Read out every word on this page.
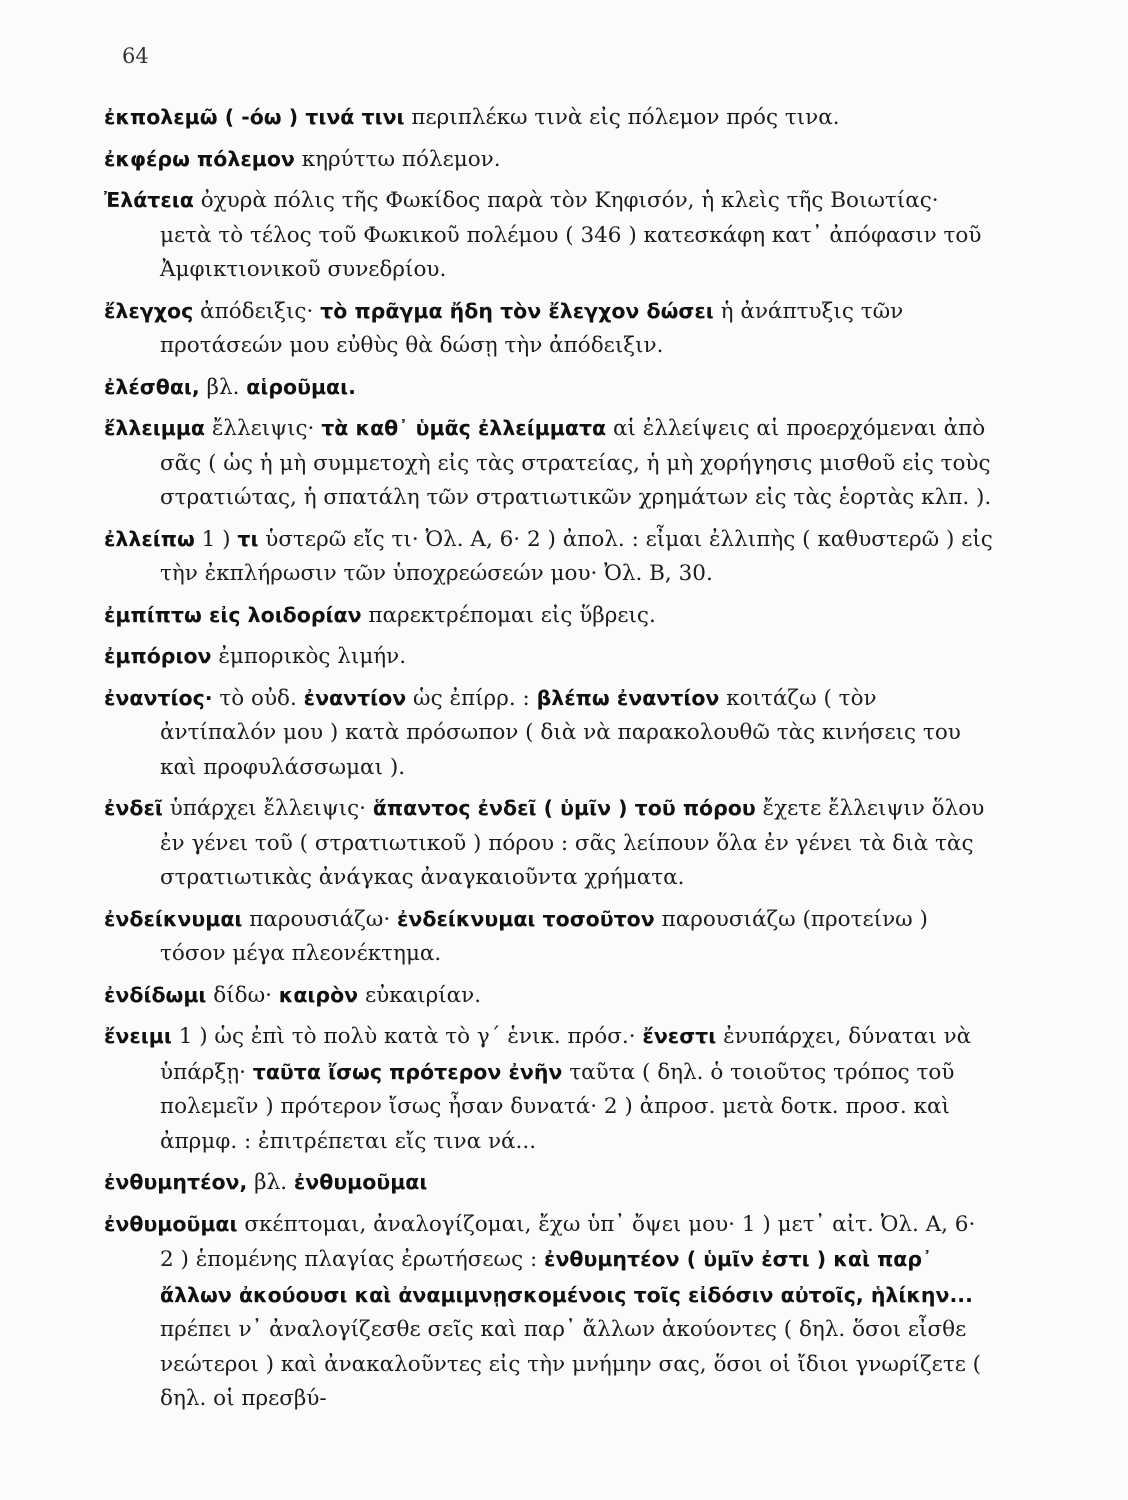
64

ἐκπολεμῶ ( -όω ) τινά τινι περιπλέκω τινὰ εἰς πόλεμον πρός τινα.

ἐκφέρω πόλεμον κηρύττω πόλεμον.

Ἐλάτεια ὀχυρὰ πόλις τῆς Φωκίδος παρὰ τὸν Κηφισόν, ἡ κλεὶς τῆς Βοιωτίας· μετὰ τὸ τέλος τοῦ Φωκικοῦ πολέμου ( 346 ) κατεσκάφη κατ᾽ ἀπόφασιν τοῦ Ἀμφικτιονικοῦ συνεδρίου.

ἔλεγχος ἀπόδειξις· τὸ πρᾶγμα ἤδη τὸν ἔλεγχον δώσει ἡ ἀνάπτυξις τῶν προτάσεών μου εὐθὺς θὰ δώσῃ τὴν ἀπόδειξιν.

ἐλέσθαι, βλ. αἱροῦμαι.

ἔλλειμμα ἔλλειψις· τὰ καθ᾽ ὑμᾶς ἐλλείμματα αἱ ἐλλείψεις αἱ προερχόμεναι ἀπὸ σᾶς ( ὡς ἡ μὴ συμμετοχὴ εἰς τὰς στρατείας, ἡ μὴ χορήγησις μισθοῦ εἰς τοὺς στρατιώτας, ἡ σπατάλη τῶν στρατιωτικῶν χρημάτων εἰς τὰς ἑορτὰς κλπ. ).

ἐλλείπω 1 ) τι ὑστερῶ εἴς τι· Ὀλ. Α, 6· 2 ) ἀπολ. : εἶμαι ἐλλιπὴς ( καθυστερῶ ) εἰς τὴν ἐκπλήρωσιν τῶν ὑποχρεώσεών μου· Ὀλ. Β, 30.

ἐμπίπτω εἰς λοιδορίαν παρεκτρέπομαι εἰς ὕβρεις.

ἐμπόριον ἐμπορικὸς λιμήν.

ἐναντίος· τὸ οὐδ. ἐναντίον ὡς ἐπίρρ. : βλέπω ἐναντίον κοιτάζω ( τὸν ἀντίπαλόν μου ) κατὰ πρόσωπον ( διὰ νὰ παρακολουθῶ τὰς κινήσεις του καὶ προφυλάσσωμαι ).

ἐνδεῖ ὑπάρχει ἔλλειψις· ἅπαντος ἐνδεῖ ( ὑμῖν ) τοῦ πόρου ἔχετε ἔλλειψιν ὅλου ἐν γένει τοῦ ( στρατιωτικοῦ ) πόρου : σᾶς λείπουν ὅλα ἐν γένει τὰ διὰ τὰς στρατιωτικὰς ἀνάγκας ἀναγκαιοῦντα χρήματα.

ἐνδείκνυμαι παρουσιάζω· ἐνδείκνυμαι τοσοῦτον παρουσιάζω (προτείνω ) τόσον μέγα πλεονέκτημα.

ἐνδίδωμι δίδω· καιρὸν εὐκαιρίαν.

ἔνειμι 1 ) ὡς ἐπὶ τὸ πολὺ κατὰ τὸ γ΄ ἑνικ. πρόσ.· ἔνεστι ἐνυπάρχει, δύναται νὰ ὑπάρξῃ· ταῦτα ἴσως πρότερον ἐνῆν ταῦτα ( δηλ. ὁ τοιοῦτος τρόπος τοῦ πολεμεῖν ) πρότερον ἴσως ἦσαν δυνατά· 2 ) ἀπροσ. μετὰ δοτκ. προσ. καὶ ἀπρμφ. : ἐπιτρέπεται εἴς τινα νά...

ἐνθυμητέον, βλ. ἐνθυμοῦμαι

ἐνθυμοῦμαι σκέπτομαι, ἀναλογίζομαι, ἔχω ὑπ᾽ ὄψει μου· 1 ) μετ᾽ αἰτ. Ὀλ. Α, 6· 2 ) ἑπομένης πλαγίας ἐρωτήσεως : ἐνθυμητέον ( ὑμῖν ἐστι ) καὶ παρ᾽ ἄλλων ἀκούουσι καὶ ἀναμιμνῃσκομένοις τοῖς εἰδόσιν αὐτοῖς, ἡλίκην... πρέπει ν᾽ ἀναλογίζεσθε σεῖς καὶ παρ᾽ ἄλλων ἀκούοντες ( δηλ. ὅσοι εἶσθε νεώτεροι ) καὶ ἀνακαλοῦντες εἰς τὴν μνήμην σας, ὅσοι οἱ ἴδιοι γνωρίζετε ( δηλ. οἱ πρεσβύ-
